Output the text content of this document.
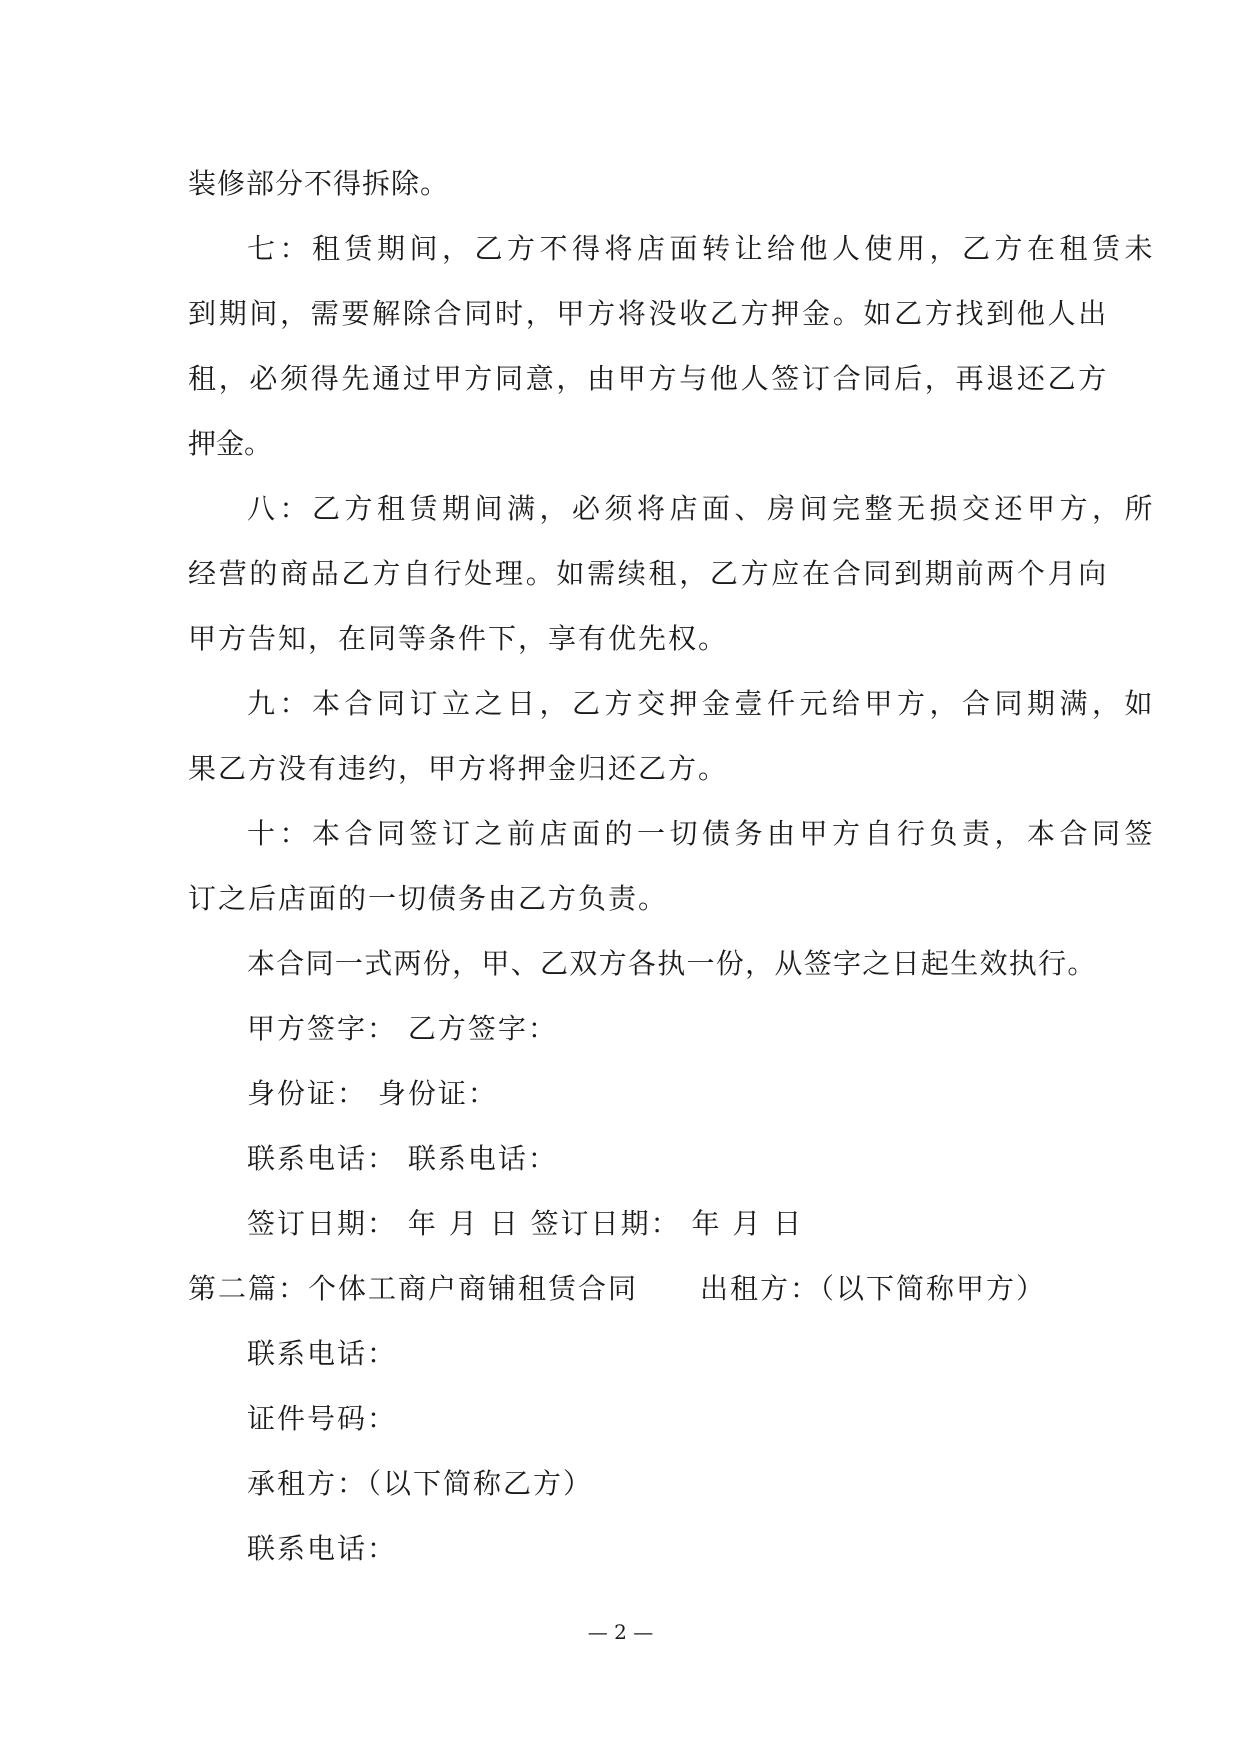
装修部分不得拆除。
七：租赁期间，乙方不得将店面转让给他人使用，乙方在租赁未
到期间，需要解除合同时，甲方将没收乙方押金。如乙方找到他人出
租，必须得先通过甲方同意，由甲方与他人签订合同后，再退还乙方
押金。
八：乙方租赁期间满，必须将店面、房间完整无损交还甲方，所
经营的商品乙方自行处理。如需续租，乙方应在合同到期前两个月向
甲方告知，在同等条件下，享有优先权。
九：本合同订立之日，乙方交押金壹仟元给甲方，合同期满，如
果乙方没有违约，甲方将押金归还乙方。
十：本合同签订之前店面的一切债务由甲方自行负责，本合同签
订之后店面的一切债务由乙方负责。
本合同一式两份，甲、乙双方各执一份，从签字之日起生效执行。
甲方签字： 乙方签字：
身份证： 身份证：
联系电话： 联系电话：
签订日期： 年 月 日 签订日期： 年 月 日
第二篇：个体工商户商铺租赁合同 出租方：（以下简称甲方）
联系电话：
证件号码：
承租方：（以下简称乙方）
联系电话：
— 2 —
